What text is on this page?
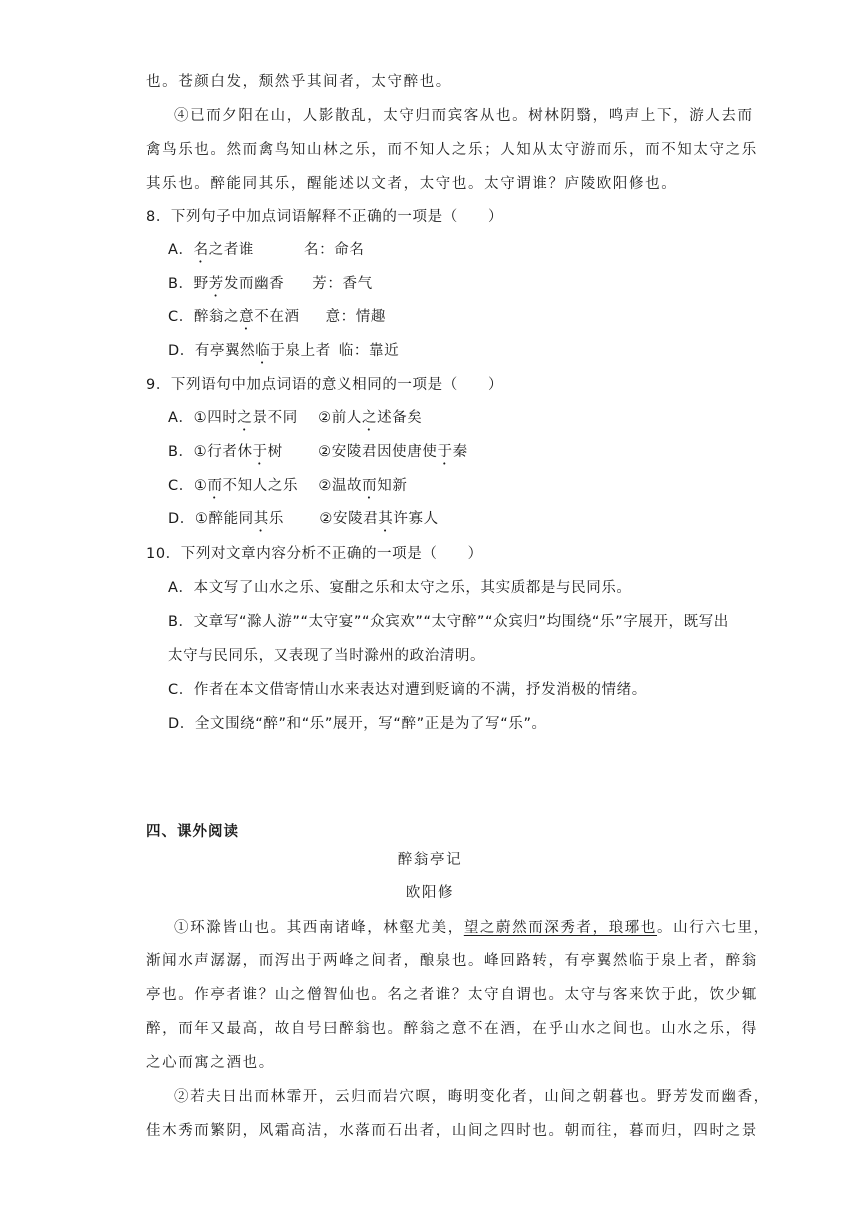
也。苍颜白发，颓然乎其间者，太守醉也。
④已而夕阳在山，人影散乱，太守归而宾客从也。树林阴翳，鸣声上下，游人去而
禽鸟乐也。然而禽鸟知山林之乐，而不知人之乐；人知从太守游而乐，而不知太守之乐
其乐也。醉能同其乐，醒能述以文者，太守也。太守谓谁？庐陵欧阳修也。
8．下列句子中加点词语解释不正确的一项是（　　）
A．名之者谁	名：命名
B．野芳发而幽香 芳：香气
C．醉翁之意不在酒 意：情趣
D．有亭翼然临于泉上者 临：靠近
9．下列语句中加点词语的意义相同的一项是（　　）
A．①四时之景不同　 ②前人之述备矣
B．①行者休于树　　 ②安陵君因使唐使于秦
C．①而不知人之乐　 ②温故而知新
D．①醉能同其乐　　 ②安陵君其许寡人
10．下列对文章内容分析不正确的一项是（　　）
A．本文写了山水之乐、宴酣之乐和太守之乐，其实质都是与民同乐。
B．文章写“滁人游”“太守宴”“众宾欢”“太守醉”“众宾归”均围绕“乐”字展开，既写出
太守与民同乐，又表现了当时滁州的政治清明。
C．作者在本文借寄情山水来表达对遭到贬谪的不满，抒发消极的情绪。
D．全文围绕“醉”和“乐”展开，写“醉”正是为了写“乐”。
四、课外阅读
醉翁亭记
欧阳修
①环滁皆山也。其西南诸峰，林壑尤美，望之蔚然而深秀者，琅琊也。山行六七里，
渐闻水声潺潺，而泻出于两峰之间者，酿泉也。峰回路转，有亭翼然临于泉上者，醉翁
亭也。作亭者谁？山之僧智仙也。名之者谁？太守自谓也。太守与客来饮于此，饮少辄
醉，而年又最高，故自号曰醉翁也。醉翁之意不在酒，在乎山水之间也。山水之乐，得
之心而寓之酒也。
②若夫日出而林霏开，云归而岩穴暝，晦明变化者，山间之朝暮也。野芳发而幽香，
佳木秀而繁阴，风霜高洁，水落而石出者，山间之四时也。朝而往，暮而归，四时之景
